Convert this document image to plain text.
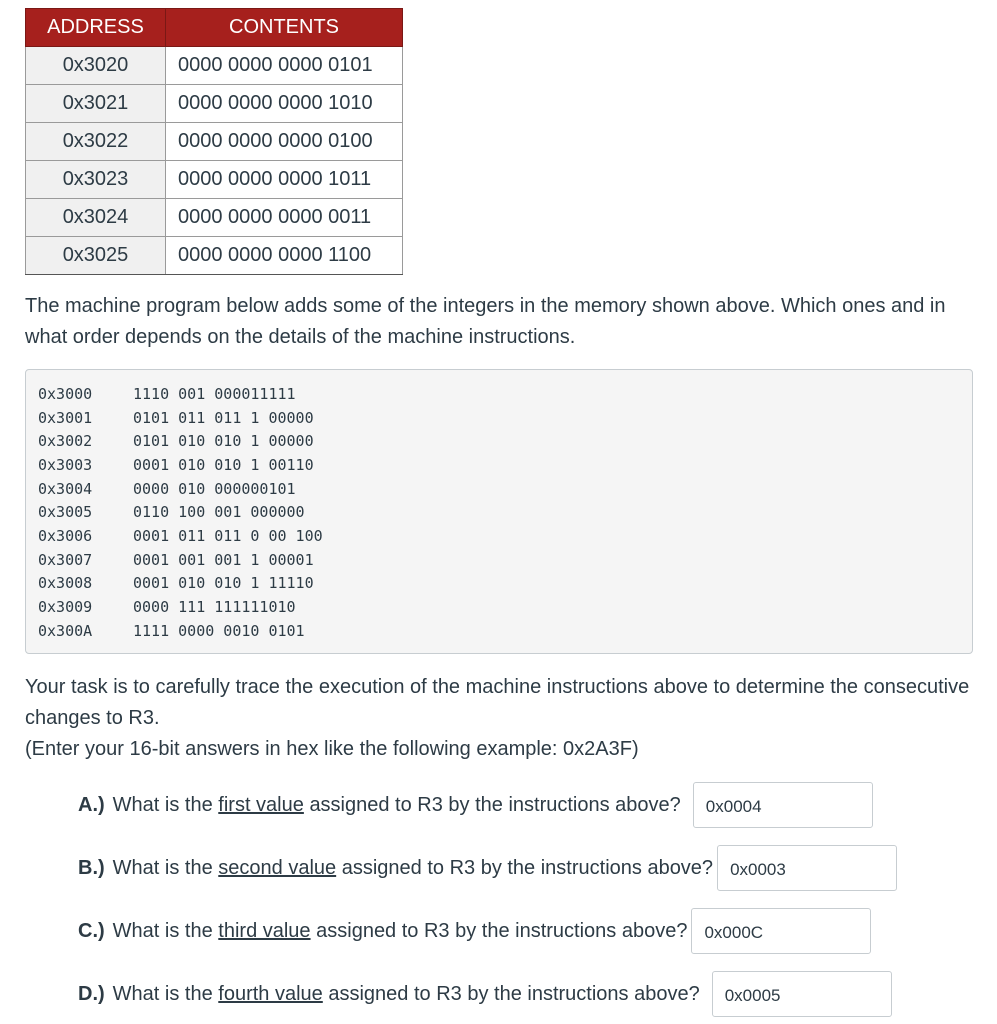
ADDRESS	CONTENTS
0x3020	0000 0000 0000 0101
0x3021	0000 0000 0000 1010
0x3022	0000 0000 0000 0100
0x3023	0000 0000 0000 1011
0x3024	0000 0000 0000 0011
0x3025	0000 0000 0000 1100
The machine program below adds some of the integers in the memory shown above. Which ones and in what order depends on the details of the machine instructions.
0x3000	1110 001 000011111
0x3001	0101 011 011 1 00000
0x3002	0101 010 010 1 00000
0x3003	0001 010 010 1 00110
0x3004	0000 010 000000101
0x3005	0110 100 001 000000
0x3006	0001 011 011 0 00 100
0x3007	0001 001 001 1 00001
0x3008	0001 010 010 1 11110
0x3009	0000 111 111111010
0x300A	1111 0000 0010 0101
Your task is to carefully trace the execution of the machine instructions above to determine the consecutive changes to R3.
(Enter your 16-bit answers in hex like the following example: 0x2A3F)
A.) What is the
first value
assigned to R3 by the instructions above?	0x0004
B.) What is the
second value
assigned to R3 by the instructions above?	0x0003
C.) What is the
third value
assigned to R3 by the instructions above?	0x000C
D.) What is the
fourth value
assigned to R3 by the instructions above?	0x0005
